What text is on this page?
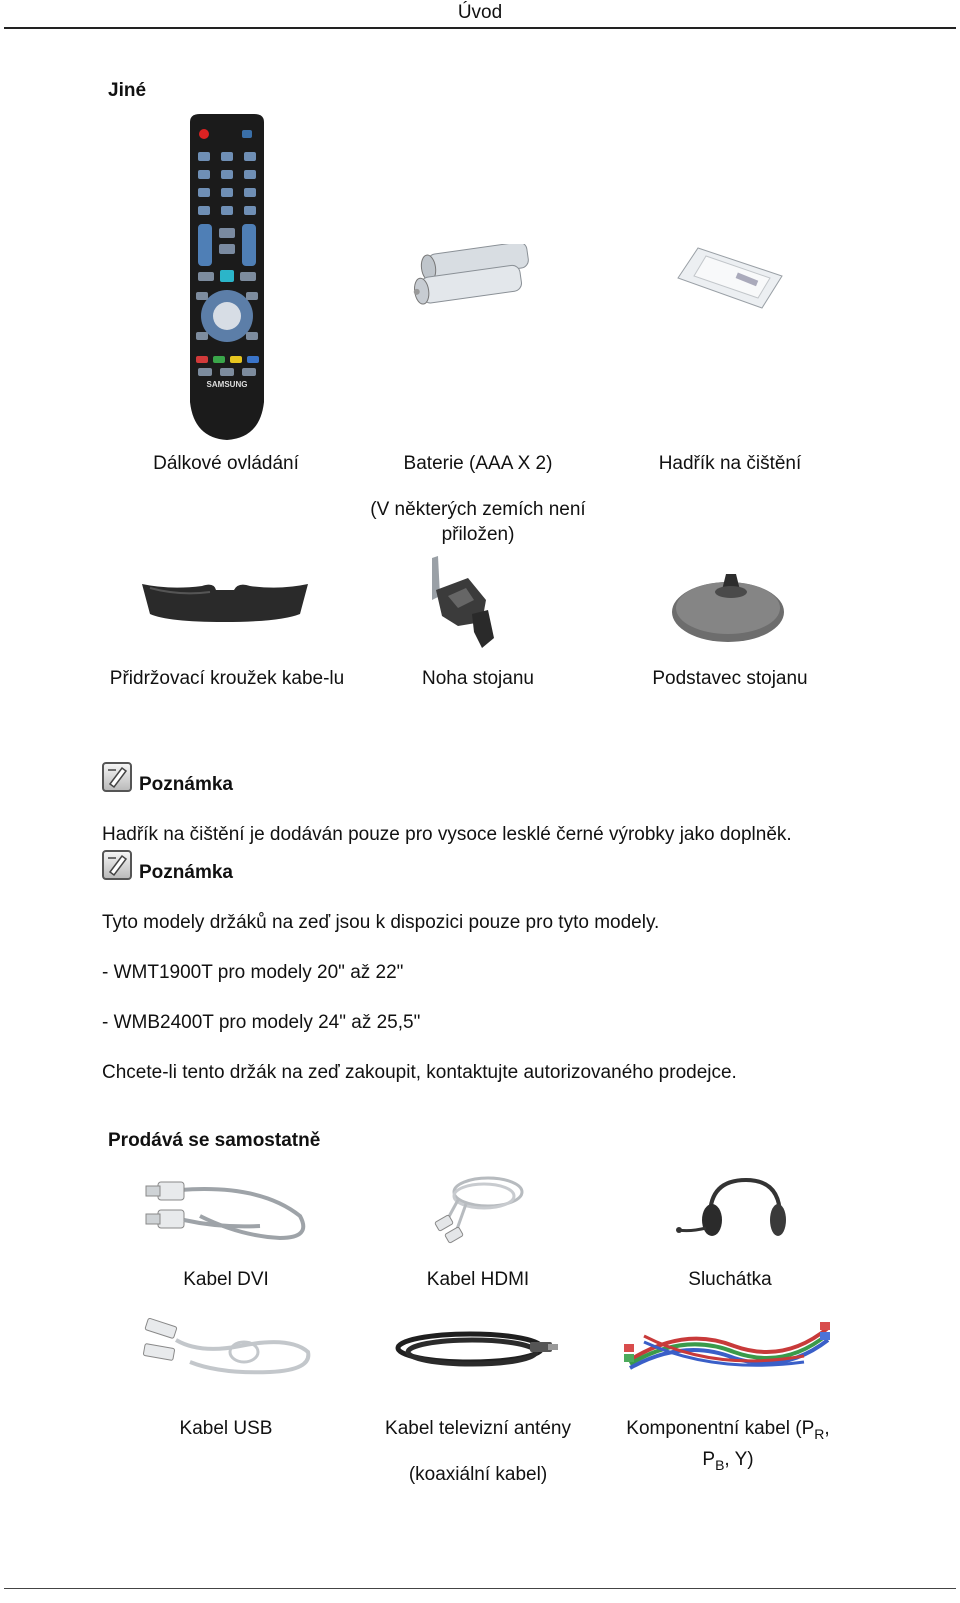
Úvod
Jiné
SAMSUNG
Dálkové ovládání	Baterie (AAA X 2)
(V některých zemích není přiložen)
Hadřík na čištění
Přidržovací kroužek kabe-lu	Noha stojanu	Podstavec stojanu
Poznámka
Hadřík na čištění je dodáván pouze pro vysoce lesklé černé výrobky jako doplněk.
Poznámka
Tyto modely držáků na zeď jsou k dispozici pouze pro tyto modely.
- WMT1900T pro modely 20" až 22"
- WMB2400T pro modely 24" až 25,5"
Chcete-li tento držák na zeď zakoupit, kontaktujte autorizovaného prodejce.
Prodává se samostatně
Kabel DVI	Kabel HDMI	Sluchátka
Kabel USB	Kabel televizní antény
(koaxiální kabel)
Komponentní kabel ($P_R$,
$P_B$, Y)
